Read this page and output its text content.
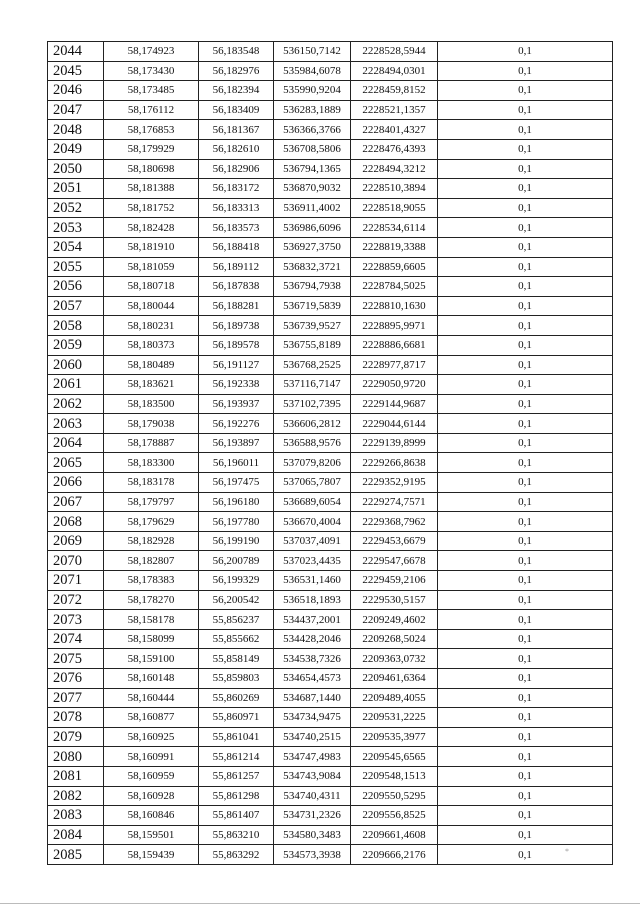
2044	58,174923	56,183548	536150,7142	2228528,5944	0,1
2045	58,173430	56,182976	535984,6078	2228494,0301	0,1
2046	58,173485	56,182394	535990,9204	2228459,8152	0,1
2047	58,176112	56,183409	536283,1889	2228521,1357	0,1
2048	58,176853	56,181367	536366,3766	2228401,4327	0,1
2049	58,179929	56,182610	536708,5806	2228476,4393	0,1
2050	58,180698	56,182906	536794,1365	2228494,3212	0,1
2051	58,181388	56,183172	536870,9032	2228510,3894	0,1
2052	58,181752	56,183313	536911,4002	2228518,9055	0,1
2053	58,182428	56,183573	536986,6096	2228534,6114	0,1
2054	58,181910	56,188418	536927,3750	2228819,3388	0,1
2055	58,181059	56,189112	536832,3721	2228859,6605	0,1
2056	58,180718	56,187838	536794,7938	2228784,5025	0,1
2057	58,180044	56,188281	536719,5839	2228810,1630	0,1
2058	58,180231	56,189738	536739,9527	2228895,9971	0,1
2059	58,180373	56,189578	536755,8189	2228886,6681	0,1
2060	58,180489	56,191127	536768,2525	2228977,8717	0,1
2061	58,183621	56,192338	537116,7147	2229050,9720	0,1
2062	58,183500	56,193937	537102,7395	2229144,9687	0,1
2063	58,179038	56,192276	536606,2812	2229044,6144	0,1
2064	58,178887	56,193897	536588,9576	2229139,8999	0,1
2065	58,183300	56,196011	537079,8206	2229266,8638	0,1
2066	58,183178	56,197475	537065,7807	2229352,9195	0,1
2067	58,179797	56,196180	536689,6054	2229274,7571	0,1
2068	58,179629	56,197780	536670,4004	2229368,7962	0,1
2069	58,182928	56,199190	537037,4091	2229453,6679	0,1
2070	58,182807	56,200789	537023,4435	2229547,6678	0,1
2071	58,178383	56,199329	536531,1460	2229459,2106	0,1
2072	58,178270	56,200542	536518,1893	2229530,5157	0,1
2073	58,158178	55,856237	534437,2001	2209249,4602	0,1
2074	58,158099	55,855662	534428,2046	2209268,5024	0,1
2075	58,159100	55,858149	534538,7326	2209363,0732	0,1
2076	58,160148	55,859803	534654,4573	2209461,6364	0,1
2077	58,160444	55,860269	534687,1440	2209489,4055	0,1
2078	58,160877	55,860971	534734,9475	2209531,2225	0,1
2079	58,160925	55,861041	534740,2515	2209535,3977	0,1
2080	58,160991	55,861214	534747,4983	2209545,6565	0,1
2081	58,160959	55,861257	534743,9084	2209548,1513	0,1
2082	58,160928	55,861298	534740,4311	2209550,5295	0,1
2083	58,160846	55,861407	534731,2326	2209556,8525	0,1
2084	58,159501	55,863210	534580,3483	2209661,4608	0,1
2085	58,159439	55,863292	534573,3938	2209666,2176	0,1	*
